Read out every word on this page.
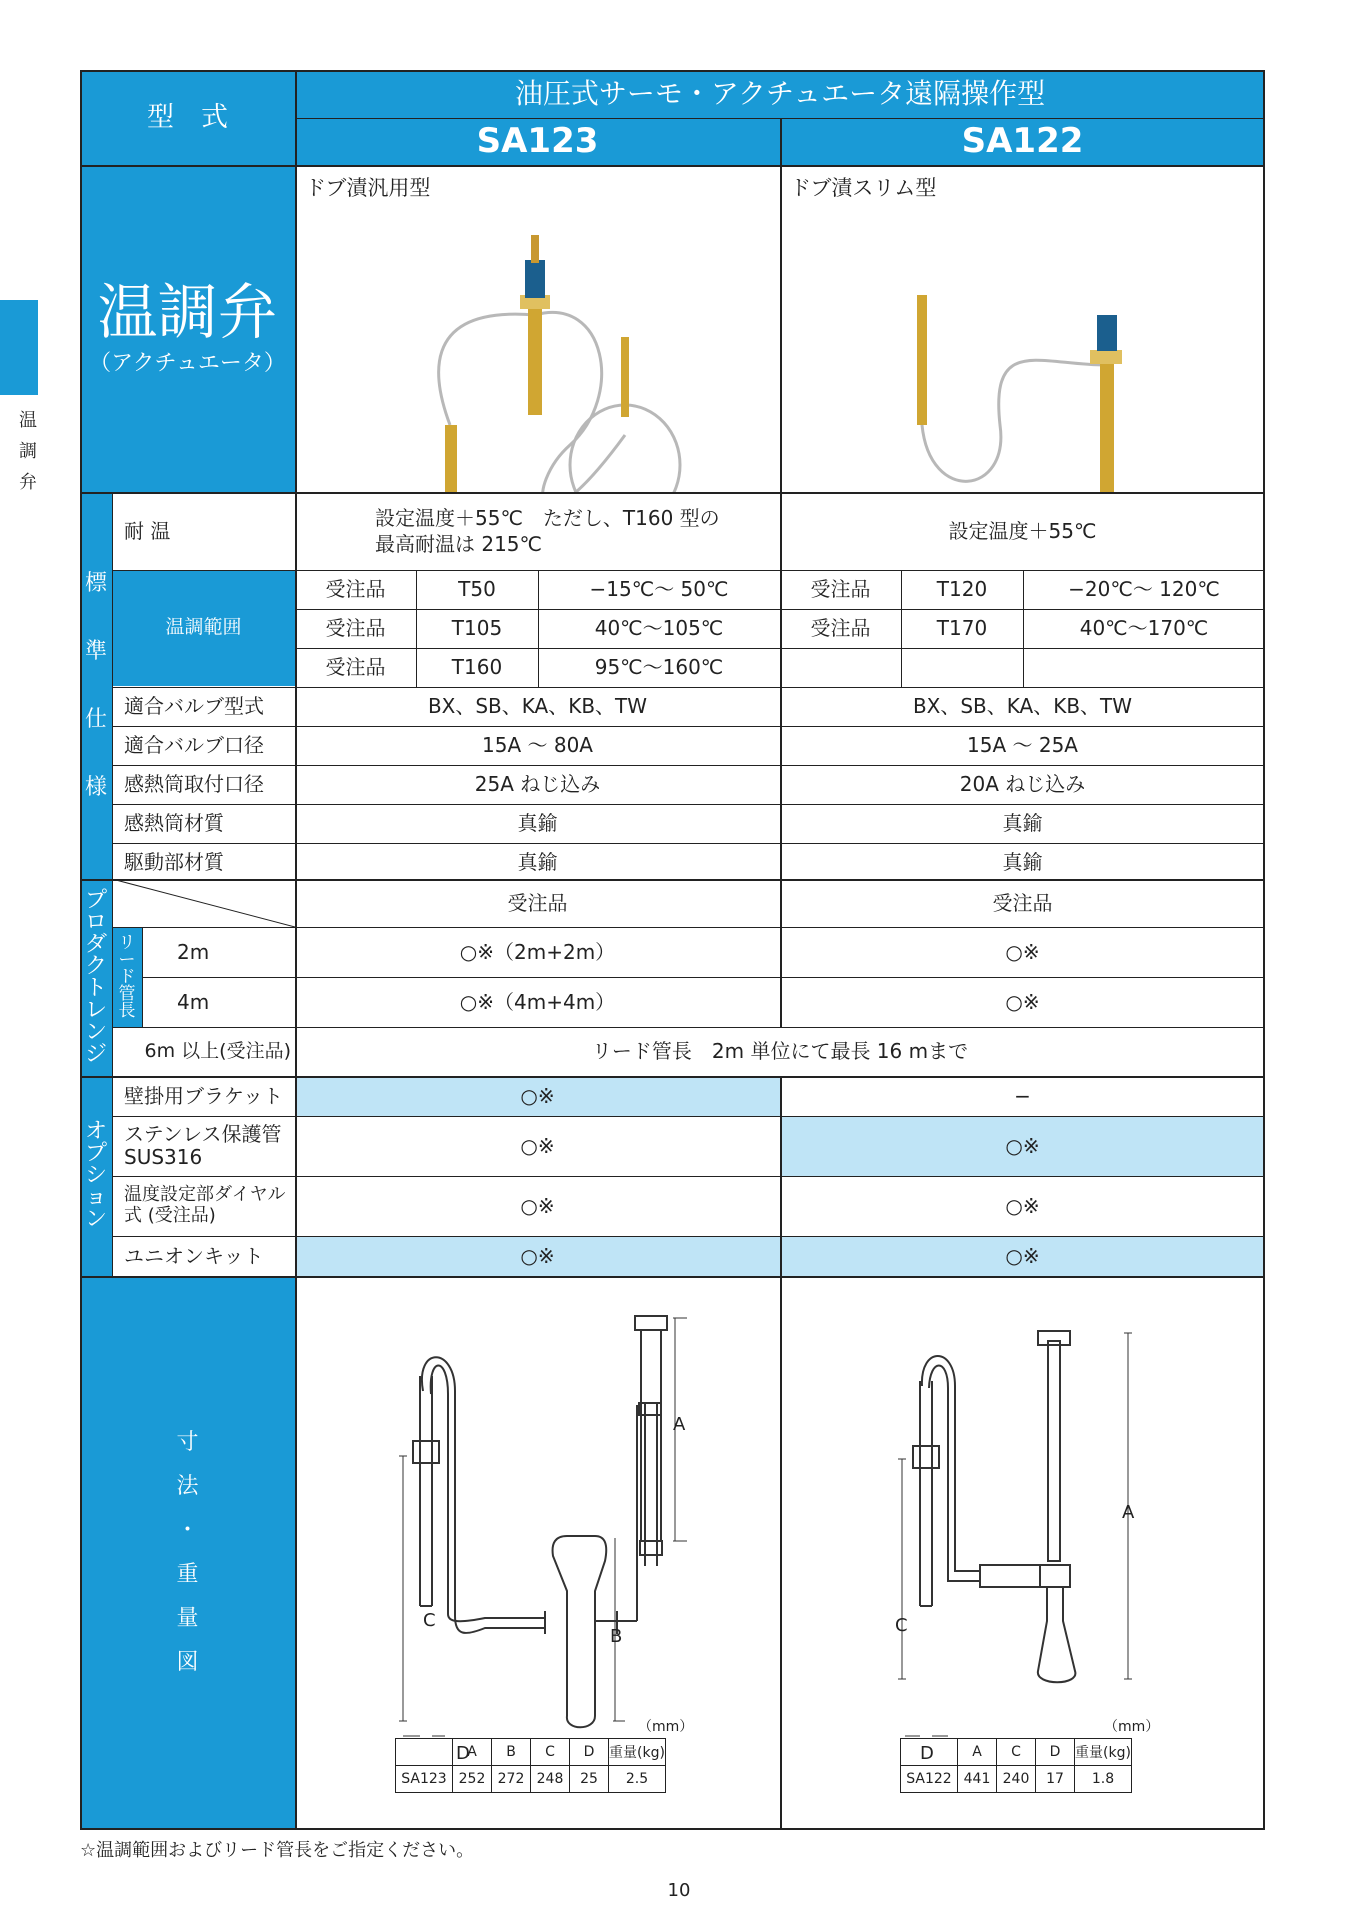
温
調
弁
型　式
油圧式サーモ・アクチュエータ遠隔操作型
SA123	SA122
温調弁
（アクチュエータ）
標
準
仕
様
プ
ロ
ダ
ク
ト
レ
ン
ジ
リ
ー
ド
管
長
オ
プ
シ
ョ
ン
寸
法
・
重
量
図
温調範囲
ドブ漬汎用型	ドブ漬スリム型
耐 温
設定温度＋55℃　ただし、T160 型の
最高耐温は 215℃
設定温度＋55℃
受注品	T50	−15℃〜 50℃
受注品	T105	40℃〜105℃
受注品	T160	95℃〜160℃
受注品	T120	−20℃〜 120℃
受注品	T170	40℃〜170℃
適合バルブ型式	BX、SB、KA、KB、TW	BX、SB、KA、KB、TW
適合バルブ口径	15A 〜 80A	15A 〜 25A
感熱筒取付口径	25A ねじ込み	20A ねじ込み
感熱筒材質	真鍮	真鍮
駆動部材質	真鍮	真鍮
受注品	受注品
2m	○※（2m+2m）	○※
4m	○※（4m+4m）	○※
6m 以上(受注品)	リード管長　2m 単位にて最長 16 mまで
壁掛用ブラケット	○※	−
ステンレス保護管 SUS316	○※	○※
温度設定部ダイヤル式 (受注品)	○※	○※
ユニオンキット	○※	○※
A
B
C
D
A
C
D
（mm）
	A	B	C	D	重量(kg)
SA123	252	272	248	25	2.5
（mm）
	A	C	D	重量(kg)
SA122	441	240	17	1.8
☆温調範囲およびリード管長をご指定ください。
10
